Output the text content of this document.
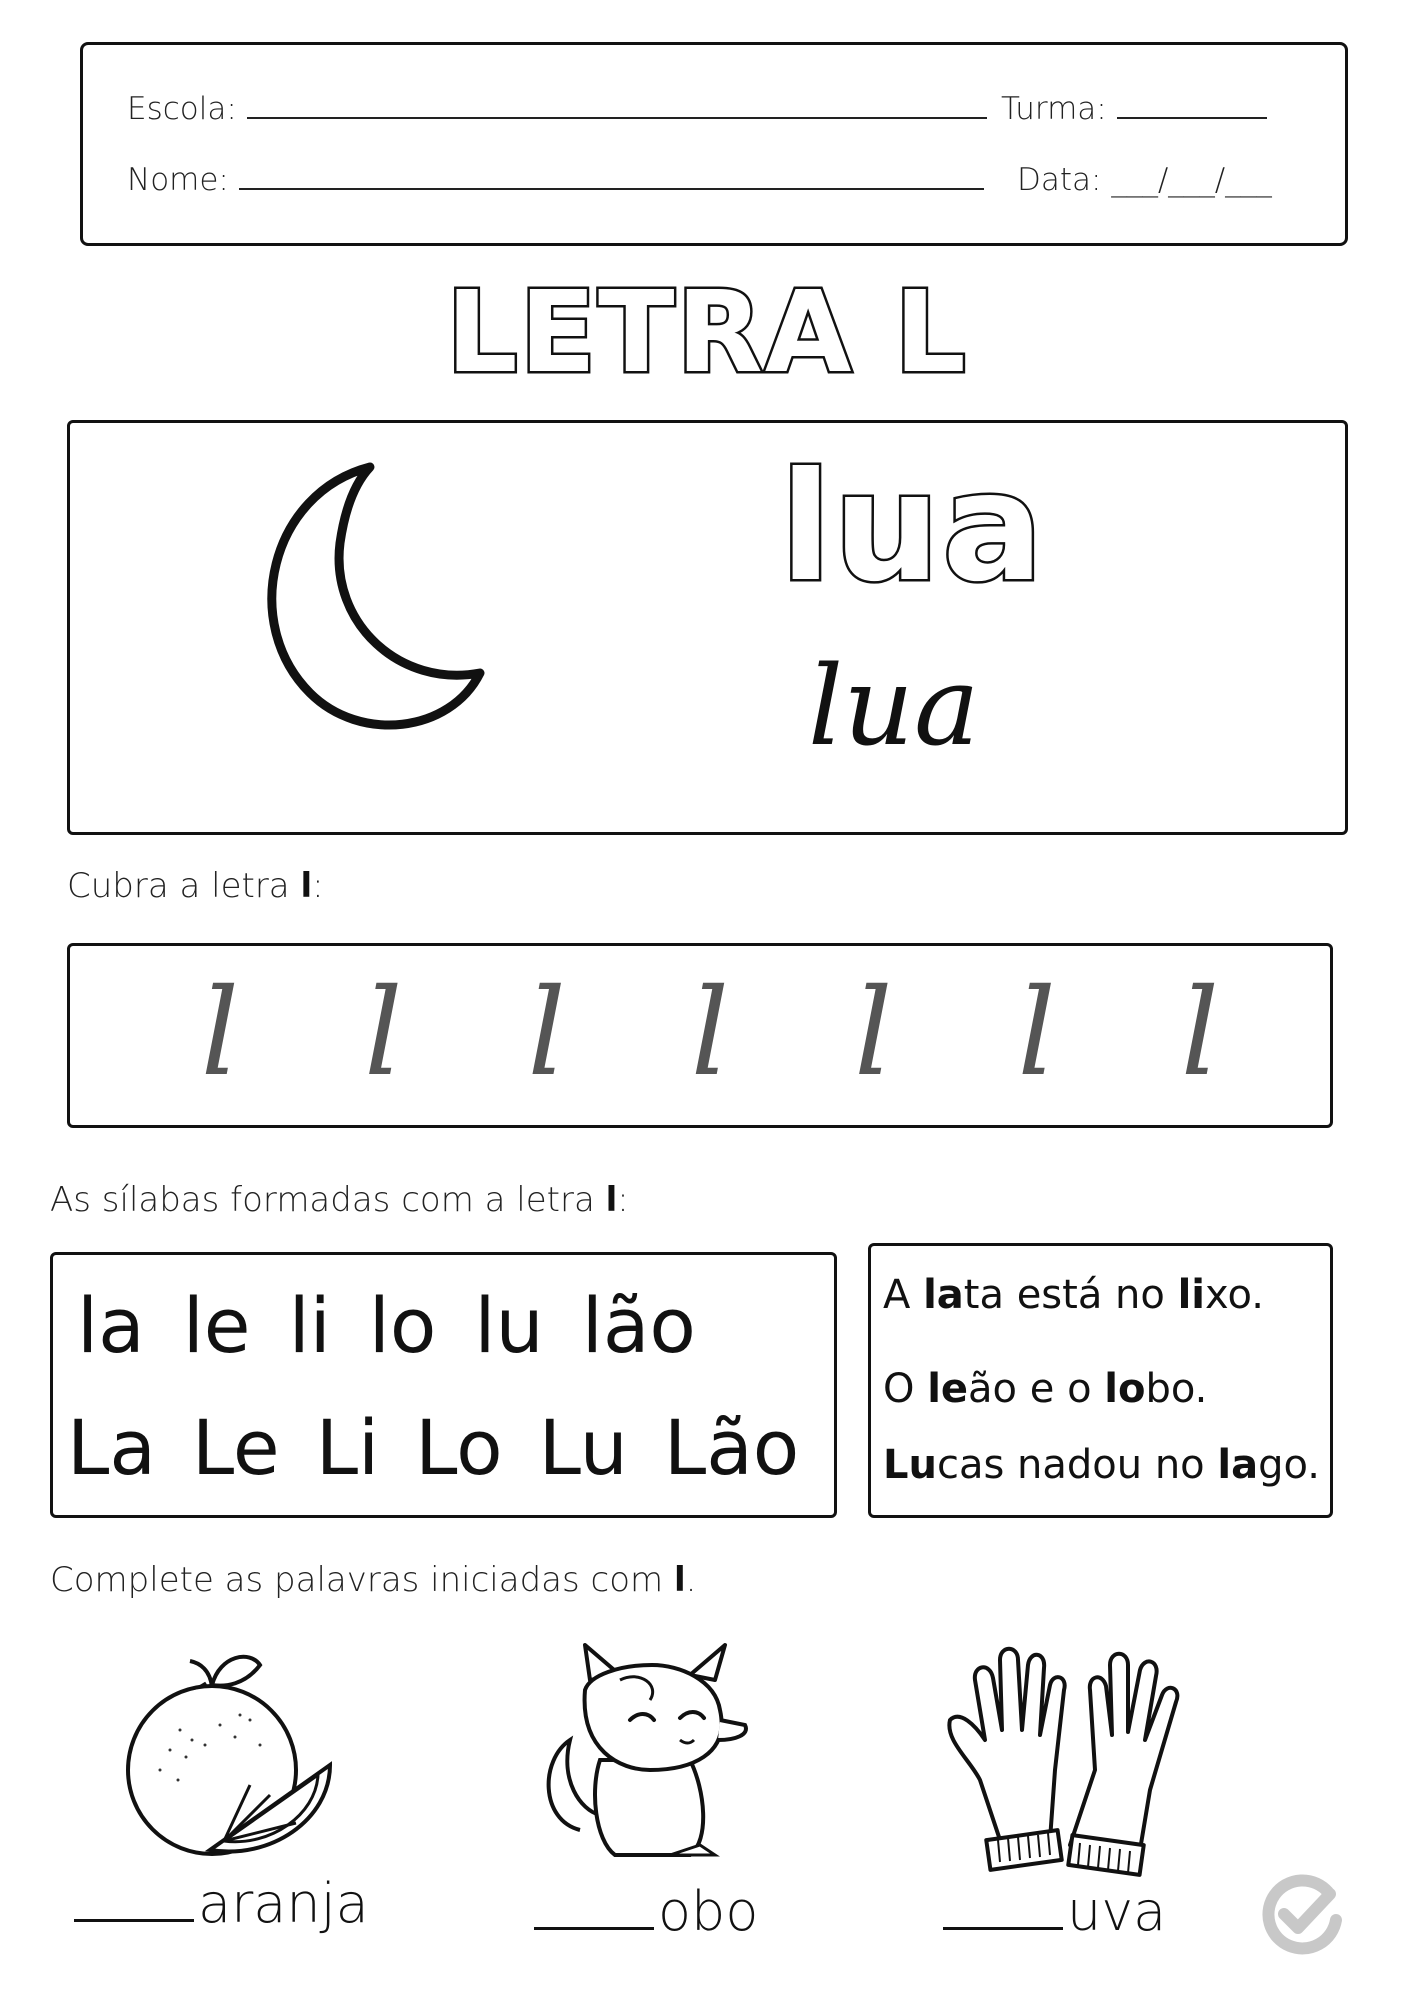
Escola:	Turma:
Nome:	Data: ___/___/___
LETRA L
lua
lua
Cubra a letra l:
l l l l l l l
As sílabas formadas com a letra l:
la le li lo lu lão
La Le Li Lo Lu Lão
A lata está no lixo.
O leão e o lobo.
Lucas nadou no lago.
Complete as palavras iniciadas com l.
aranja	obo	uva
